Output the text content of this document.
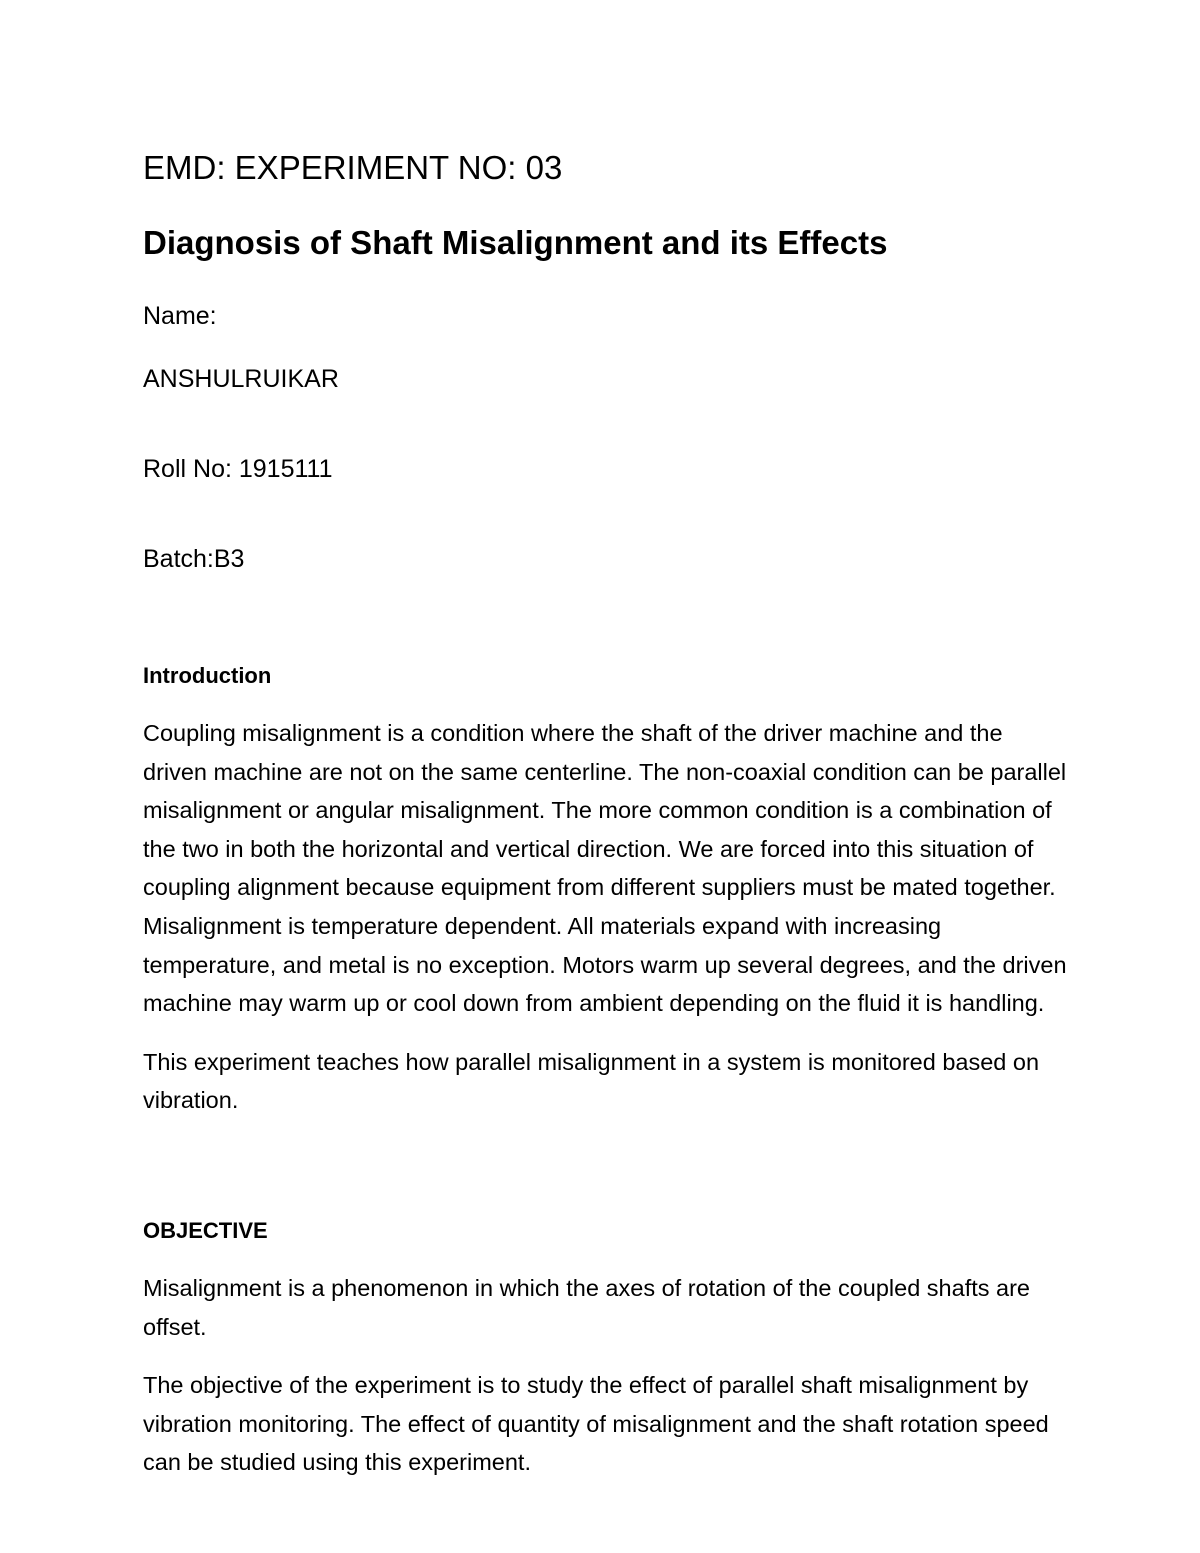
EMD: EXPERIMENT NO: 03
Diagnosis of Shaft Misalignment and its Effects

Name:

ANSHULRUIKAR

Roll No: 1915111

Batch:B3

Introduction

Coupling misalignment is a condition where the shaft of the driver machine and the driven machine are not on the same centerline. The non-coaxial condition can be parallel misalignment or angular misalignment. The more common condition is a combination of the two in both the horizontal and vertical direction. We are forced into this situation of coupling alignment because equipment from different suppliers must be mated together. Misalignment is temperature dependent. All materials expand with increasing temperature, and metal is no exception. Motors warm up several degrees, and the driven machine may warm up or cool down from ambient depending on the fluid it is handling.

This experiment teaches how parallel misalignment in a system is monitored based on vibration.

OBJECTIVE

Misalignment is a phenomenon in which the axes of rotation of the coupled shafts are offset.

The objective of the experiment is to study the effect of parallel shaft misalignment by vibration monitoring. The effect of quantity of misalignment and the shaft rotation speed can be studied using this experiment.
